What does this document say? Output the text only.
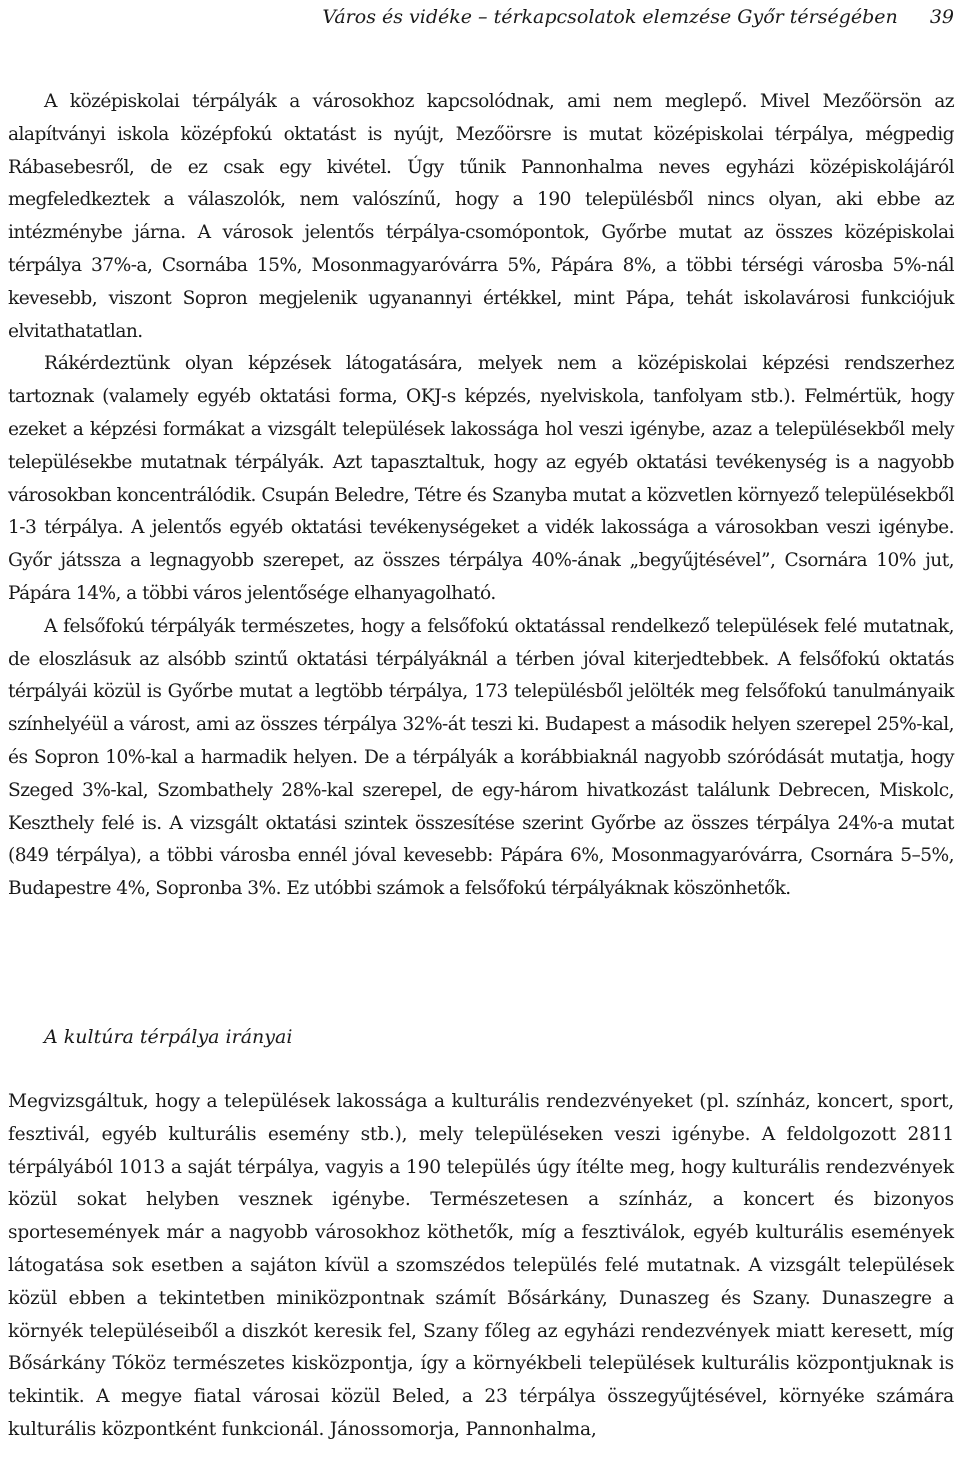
Város és vidéke – térkapcsolatok elemzése Győr térségében 39

A középiskolai térpályák a városokhoz kapcsolódnak, ami nem meglepő. Mivel Mezőörsön az alapítványi iskola középfokú oktatást is nyújt, Mezőörsre is mutat középiskolai térpálya, mégpedig Rábasebesről, de ez csak egy kivétel. Úgy tűnik Pannonhalma neves egyházi középiskolájáról megfeledkeztek a válaszolók, nem valószínű, hogy a 190 településből nincs olyan, aki ebbe az intézménybe járna. A városok jelentős térpálya-csomópontok, Győrbe mutat az összes középiskolai térpálya 37%-a, Csornába 15%, Mosonmagyaróvárra 5%, Pápára 8%, a többi térségi városba 5%-nál kevesebb, viszont Sopron megjelenik ugyanannyi értékkel, mint Pápa, tehát iskolavárosi funkciójuk elvitathatatlan.

Rákérdeztünk olyan képzések látogatására, melyek nem a középiskolai képzési rendszerhez tartoznak (valamely egyéb oktatási forma, OKJ-s képzés, nyelviskola, tanfolyam stb.). Felmértük, hogy ezeket a képzési formákat a vizsgált települések lakossága hol veszi igénybe, azaz a településekből mely településekbe mutatnak térpályák. Azt tapasztaltuk, hogy az egyéb oktatási tevékenység is a nagyobb városokban koncentrálódik. Csupán Beledre, Tétre és Szanyba mutat a közvetlen környező településekből 1-3 térpálya. A jelentős egyéb oktatási tevékenységeket a vidék lakossága a városokban veszi igénybe. Győr játssza a legnagyobb szerepet, az összes térpálya 40%-ának „begyűjtésével”, Csornára 10% jut, Pápára 14%, a többi város jelentősége elhanyagolható.

A felsőfokú térpályák természetes, hogy a felsőfokú oktatással rendelkező települések felé mutatnak, de eloszlásuk az alsóbb szintű oktatási térpályáknál a térben jóval kiterjedtebbek. A felsőfokú oktatás térpályái közül is Győrbe mutat a legtöbb térpálya, 173 településből jelölték meg felsőfokú tanulmányaik színhelyéül a várost, ami az összes térpálya 32%-át teszi ki. Budapest a második helyen szerepel 25%-kal, és Sopron 10%-kal a harmadik helyen. De a térpályák a korábbiaknál nagyobb szóródását mutatja, hogy Szeged 3%-kal, Szombathely 28%-kal szerepel, de egy-három hivatkozást találunk Debrecen, Miskolc, Keszthely felé is. A vizsgált oktatási szintek összesítése szerint Győrbe az összes térpálya 24%-a mutat (849 térpálya), a többi városba ennél jóval kevesebb: Pápára 6%, Mosonmagyaróvárra, Csornára 5–5%, Budapestre 4%, Sopronba 3%. Ez utóbbi számok a felsőfokú térpályáknak köszönhetők.

A kultúra térpálya irányai

Megvizsgáltuk, hogy a települések lakossága a kulturális rendezvényeket (pl. színház, koncert, sport, fesztivál, egyéb kulturális esemény stb.), mely településeken veszi igénybe. A feldolgozott 2811 térpályából 1013 a saját térpálya, vagyis a 190 település úgy ítélte meg, hogy kulturális rendezvények közül sokat helyben vesznek igénybe. Természetesen a színház, a koncert és bizonyos sportesemények már a nagyobb városokhoz köthetők, míg a fesztiválok, egyéb kulturális események látogatása sok esetben a sajáton kívül a szomszédos település felé mutatnak. A vizsgált települések közül ebben a tekintetben miniközpontnak számít Bősárkány, Dunaszeg és Szany. Dunaszegre a környék településeiből a diszkót keresik fel, Szany főleg az egyházi rendezvények miatt keresett, míg Bősárkány Tóköz természetes kisközpontja, így a környékbeli települések kulturális központjuknak is tekintik. A megye fiatal városai közül Beled, a 23 térpálya összegyűjtésével, környéke számára kulturális központként funkcionál. Jánossomorja, Pannonhalma,
